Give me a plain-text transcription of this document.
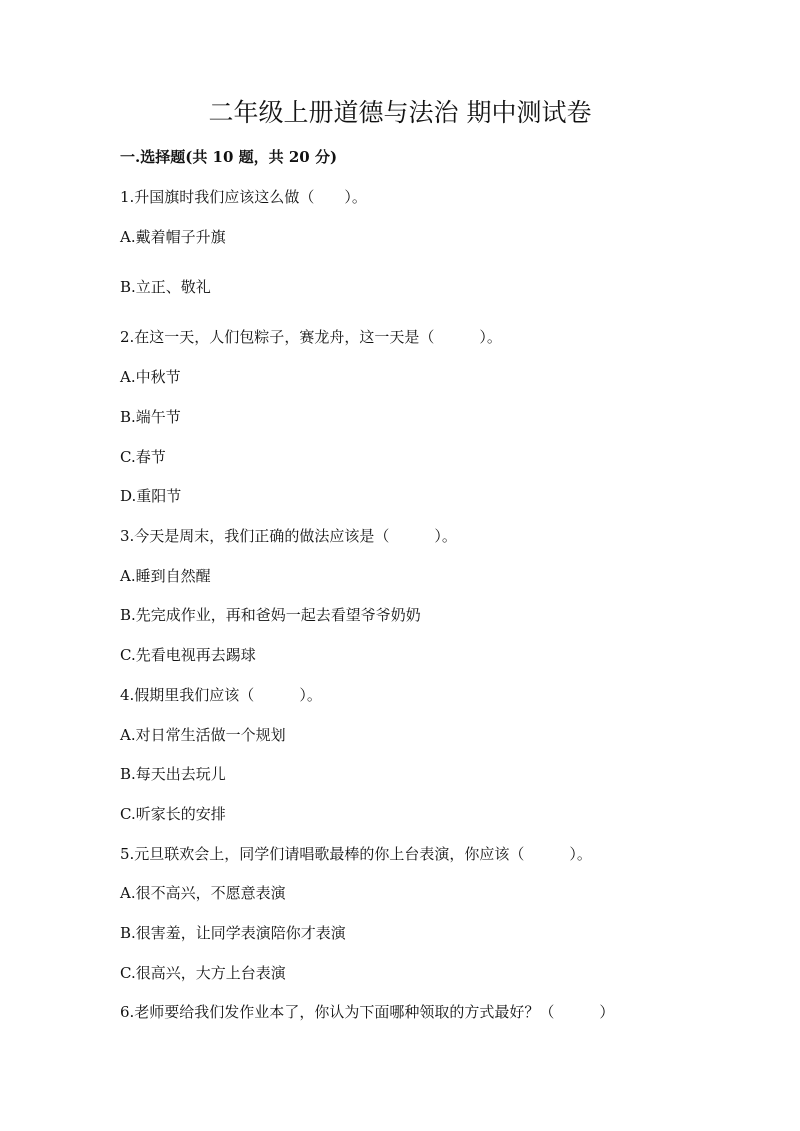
二年级上册道德与法治 期中测试卷
一.选择题(共 10 题，共 20 分)
1.升国旗时我们应该这么做（　　）。
A.戴着帽子升旗
B.立正、敬礼
2.在这一天，人们包粽子，赛龙舟，这一天是（　　　）。
A.中秋节
B.端午节
C.春节
D.重阳节
3.今天是周末，我们正确的做法应该是（　　　）。
A.睡到自然醒
B.先完成作业，再和爸妈一起去看望爷爷奶奶
C.先看电视再去踢球
4.假期里我们应该（　　　）。
A.对日常生活做一个规划
B.每天出去玩儿
C.听家长的安排
5.元旦联欢会上，同学们请唱歌最棒的你上台表演，你应该（　　　）。
A.很不高兴，不愿意表演
B.很害羞，让同学表演陪你才表演
C.很高兴，大方上台表演
6.老师要给我们发作业本了，你认为下面哪种领取的方式最好？（　　　）
